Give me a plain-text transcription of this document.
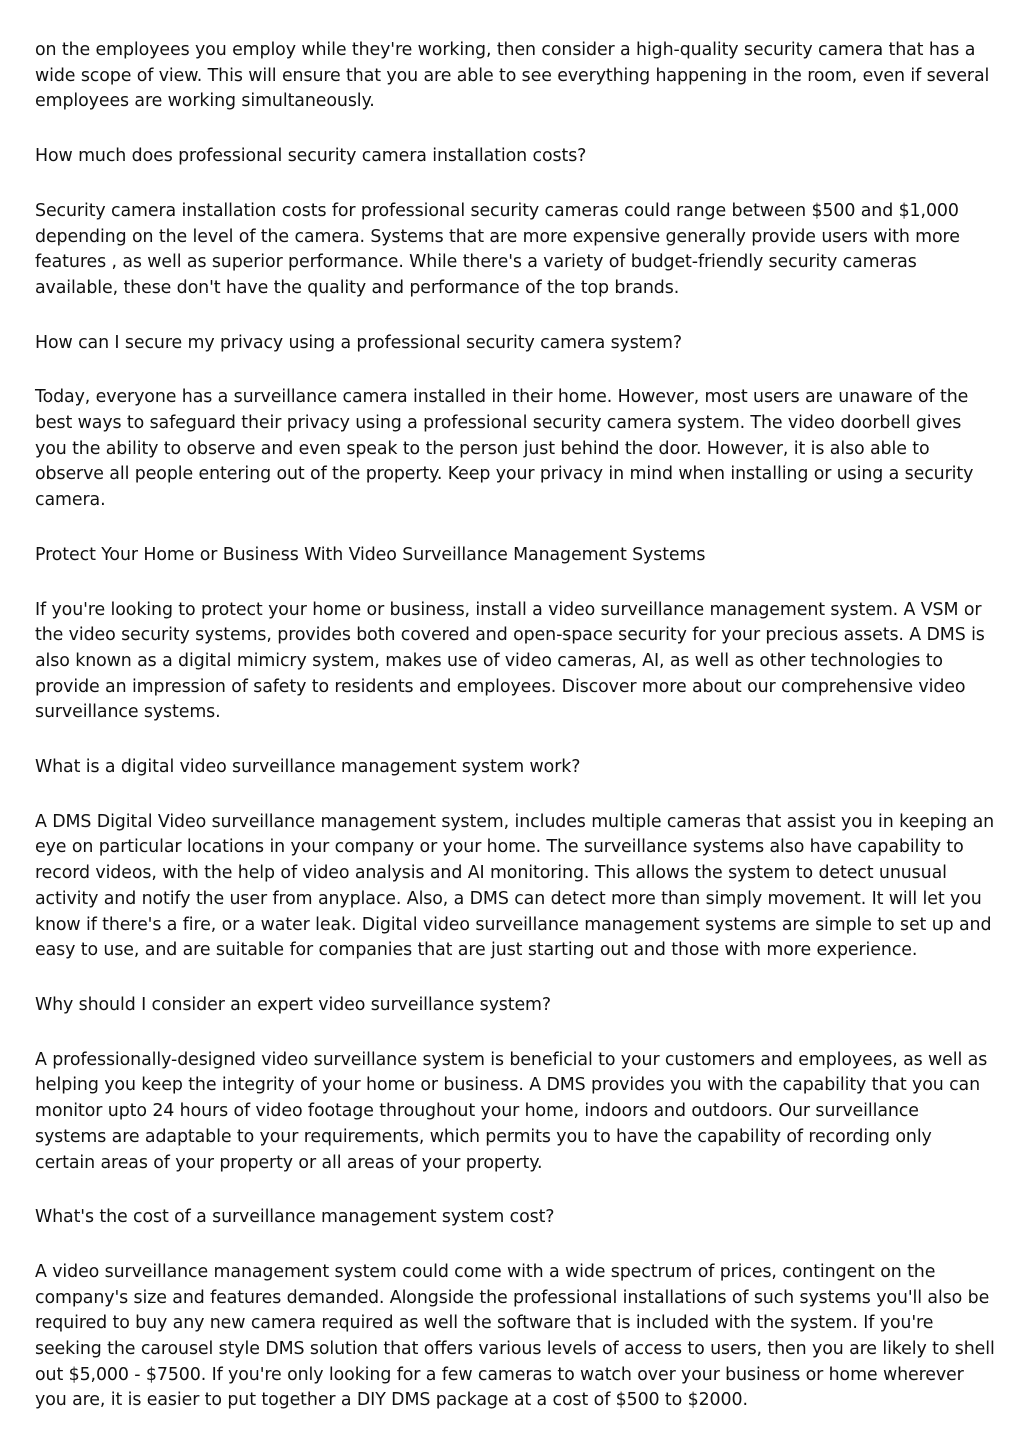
on the employees you employ while they're working, then consider a high-quality security camera that has a wide scope of view. This will ensure that you are able to see everything happening in the room, even if several employees are working simultaneously.

How much does professional security camera installation costs?

Security camera installation costs for professional security cameras could range between $500 and $1,000 depending on the level of the camera. Systems that are more expensive generally provide users with more features , as well as superior performance. While there's a variety of budget-friendly security cameras available, these don't have the quality and performance of the top brands.

How can I secure my privacy using a professional security camera system?

Today, everyone has a surveillance camera installed in their home. However, most users are unaware of the best ways to safeguard their privacy using a professional security camera system. The video doorbell gives you the ability to observe and even speak to the person just behind the door. However, it is also able to observe all people entering out of the property. Keep your privacy in mind when installing or using a security camera.

Protect Your Home or Business With Video Surveillance Management Systems

If you're looking to protect your home or business, install a video surveillance management system. A VSM or the video security systems, provides both covered and open-space security for your precious assets. A DMS is also known as a digital mimicry system, makes use of video cameras, AI, as well as other technologies to provide an impression of safety to residents and employees. Discover more about our comprehensive video surveillance systems.

What is a digital video surveillance management system work?

A DMS Digital Video surveillance management system, includes multiple cameras that assist you in keeping an eye on particular locations in your company or your home. The surveillance systems also have capability to record videos, with the help of video analysis and AI monitoring. This allows the system to detect unusual activity and notify the user from anyplace. Also, a DMS can detect more than simply movement. It will let you know if there's a fire, or a water leak. Digital video surveillance management systems are simple to set up and easy to use, and are suitable for companies that are just starting out and those with more experience.

Why should I consider an expert video surveillance system?

A professionally-designed video surveillance system is beneficial to your customers and employees, as well as helping you keep the integrity of your home or business. A DMS provides you with the capability that you can monitor upto 24 hours of video footage throughout your home, indoors and outdoors. Our surveillance systems are adaptable to your requirements, which permits you to have the capability of recording only certain areas of your property or all areas of your property.

What's the cost of a surveillance management system cost?

A video surveillance management system could come with a wide spectrum of prices, contingent on the company's size and features demanded. Alongside the professional installations of such systems you'll also be required to buy any new camera required as well the software that is included with the system. If you're seeking the carousel style DMS solution that offers various levels of access to users, then you are likely to shell out $5,000 - $7500. If you're only looking for a few cameras to watch over your business or home wherever you are, it is easier to put together a DIY DMS package at a cost of $500 to $2000.
